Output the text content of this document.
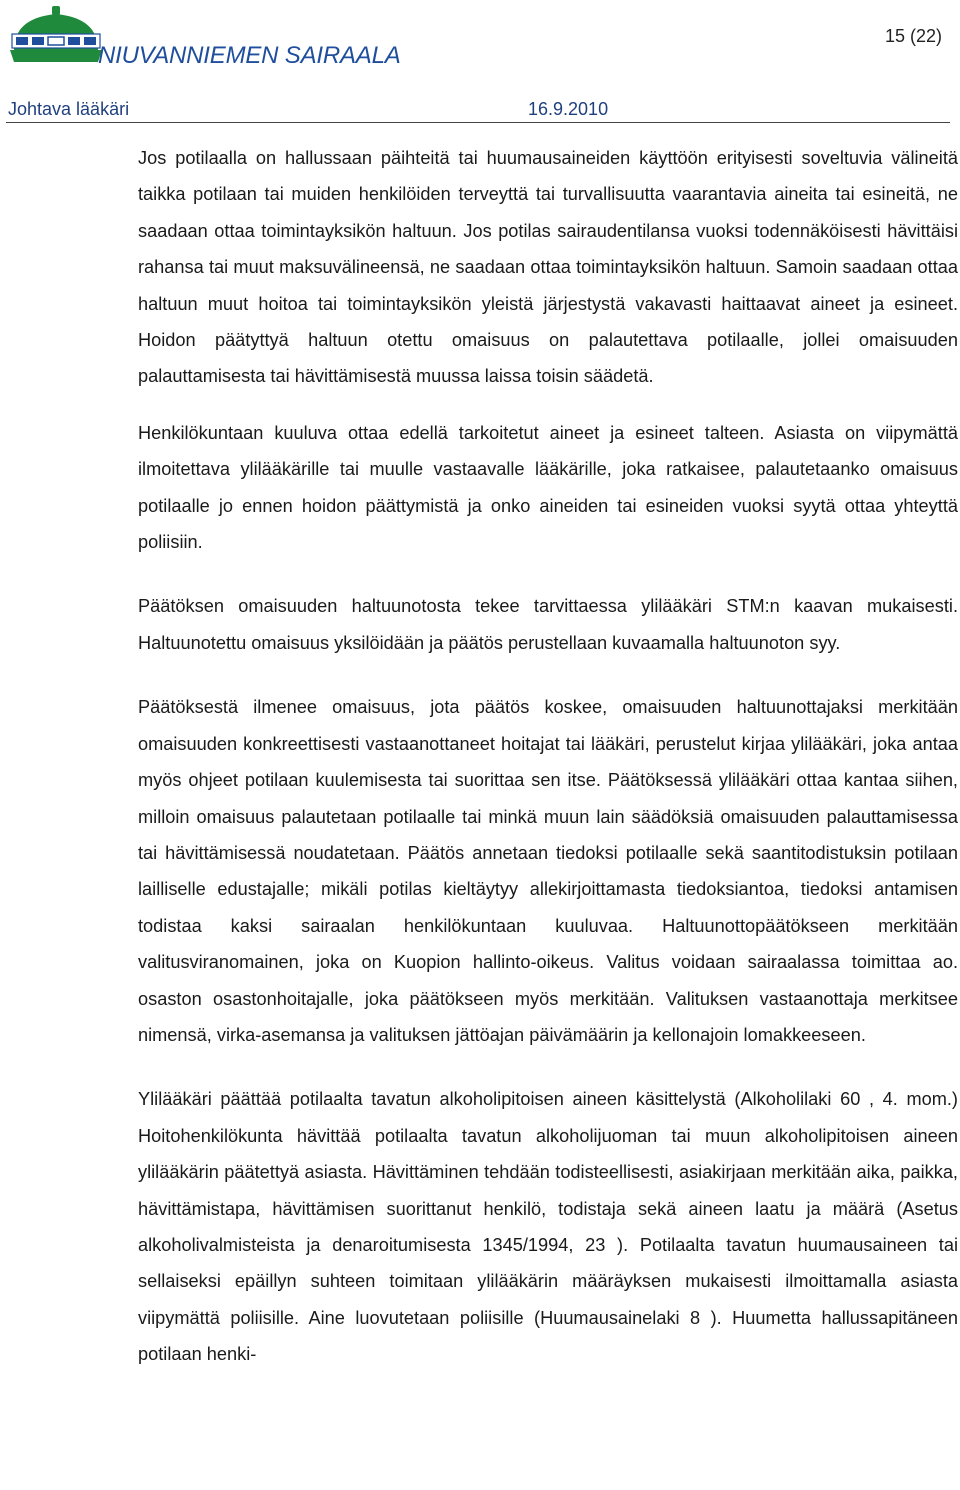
NIUVANNIEMEN SAIRAALA
15 (22)
Johtava lääkäri	16.9.2010

Jos potilaalla on hallussaan päihteitä tai huumausaineiden käyttöön erityisesti soveltuvia välineitä taikka potilaan tai muiden henkilöiden terveyttä tai turvallisuutta vaarantavia aineita tai esineitä, ne saadaan ottaa toimintayksikön haltuun. Jos potilas sairaudentilansa vuoksi todennäköisesti hävittäisi rahansa tai muut maksuvälineensä, ne saadaan ottaa toimintayksikön haltuun. Samoin saadaan ottaa haltuun muut hoitoa tai toimintayksikön yleistä järjestystä vakavasti haittaavat aineet ja esineet. Hoidon päätyttyä haltuun otettu omaisuus on palautettava potilaalle, jollei omaisuuden palauttamisesta tai hävittämisestä muussa laissa toisin säädetä.

Henkilökuntaan kuuluva ottaa edellä tarkoitetut aineet ja esineet talteen. Asiasta on viipymättä ilmoitettava ylilääkärille tai muulle vastaavalle lääkärille, joka ratkaisee, palautetaanko omaisuus potilaalle jo ennen hoidon päättymistä ja onko aineiden tai esineiden vuoksi syytä ottaa yhteyttä poliisiin.

Päätöksen omaisuuden haltuunotosta tekee tarvittaessa ylilääkäri STM:n kaavan mukaisesti. Haltuunotettu omaisuus yksilöidään ja päätös perustellaan kuvaamalla haltuunoton syy.

Päätöksestä ilmenee omaisuus, jota päätös koskee, omaisuuden haltuunottajaksi merkitään omaisuuden konkreettisesti vastaanottaneet hoitajat tai lääkäri, perustelut kirjaa ylilääkäri, joka antaa myös ohjeet potilaan kuulemisesta tai suorittaa sen itse. Päätöksessä ylilääkäri ottaa kantaa siihen, milloin omaisuus palautetaan potilaalle tai minkä muun lain säädöksiä omaisuuden palauttamisessa tai hävittämisessä noudatetaan. Päätös annetaan tiedoksi potilaalle sekä saantitodistuksin potilaan lailliselle edustajalle; mikäli potilas kieltäytyy allekirjoittamasta tiedoksiantoa, tiedoksi antamisen todistaa kaksi sairaalan henkilökuntaan kuuluvaa. Haltuunottopäätökseen merkitään valitusviranomainen, joka on Kuopion hallinto-oikeus. Valitus voidaan sairaalassa toimittaa ao. osaston osastonhoitajalle, joka päätökseen myös merkitään. Valituksen vastaanottaja merkitsee nimensä, virka-asemansa ja valituksen jättöajan päivämäärin ja kellonajoin lomakkeeseen.

Ylilääkäri päättää potilaalta tavatun alkoholipitoisen aineen käsittelystä (Alkoholilaki 60 , 4. mom.) Hoitohenkilökunta hävittää potilaalta tavatun alkoholijuoman tai muun alkoholipitoisen aineen ylilääkärin päätettyä asiasta. Hävittäminen tehdään todisteellisesti, asiakirjaan merkitään aika, paikka, hävittämistapa, hävittämisen suorittanut henkilö, todistaja sekä aineen laatu ja määrä (Asetus alkoholivalmisteista ja denaroitumisesta 1345/1994, 23 ). Potilaalta tavatun huumausaineen tai sellaiseksi epäillyn suhteen toimitaan ylilääkärin määräyksen mukaisesti ilmoittamalla asiasta viipymättä poliisille. Aine luovutetaan poliisille (Huumausainelaki 8 ). Huumetta hallussapitäneen potilaan henki-
